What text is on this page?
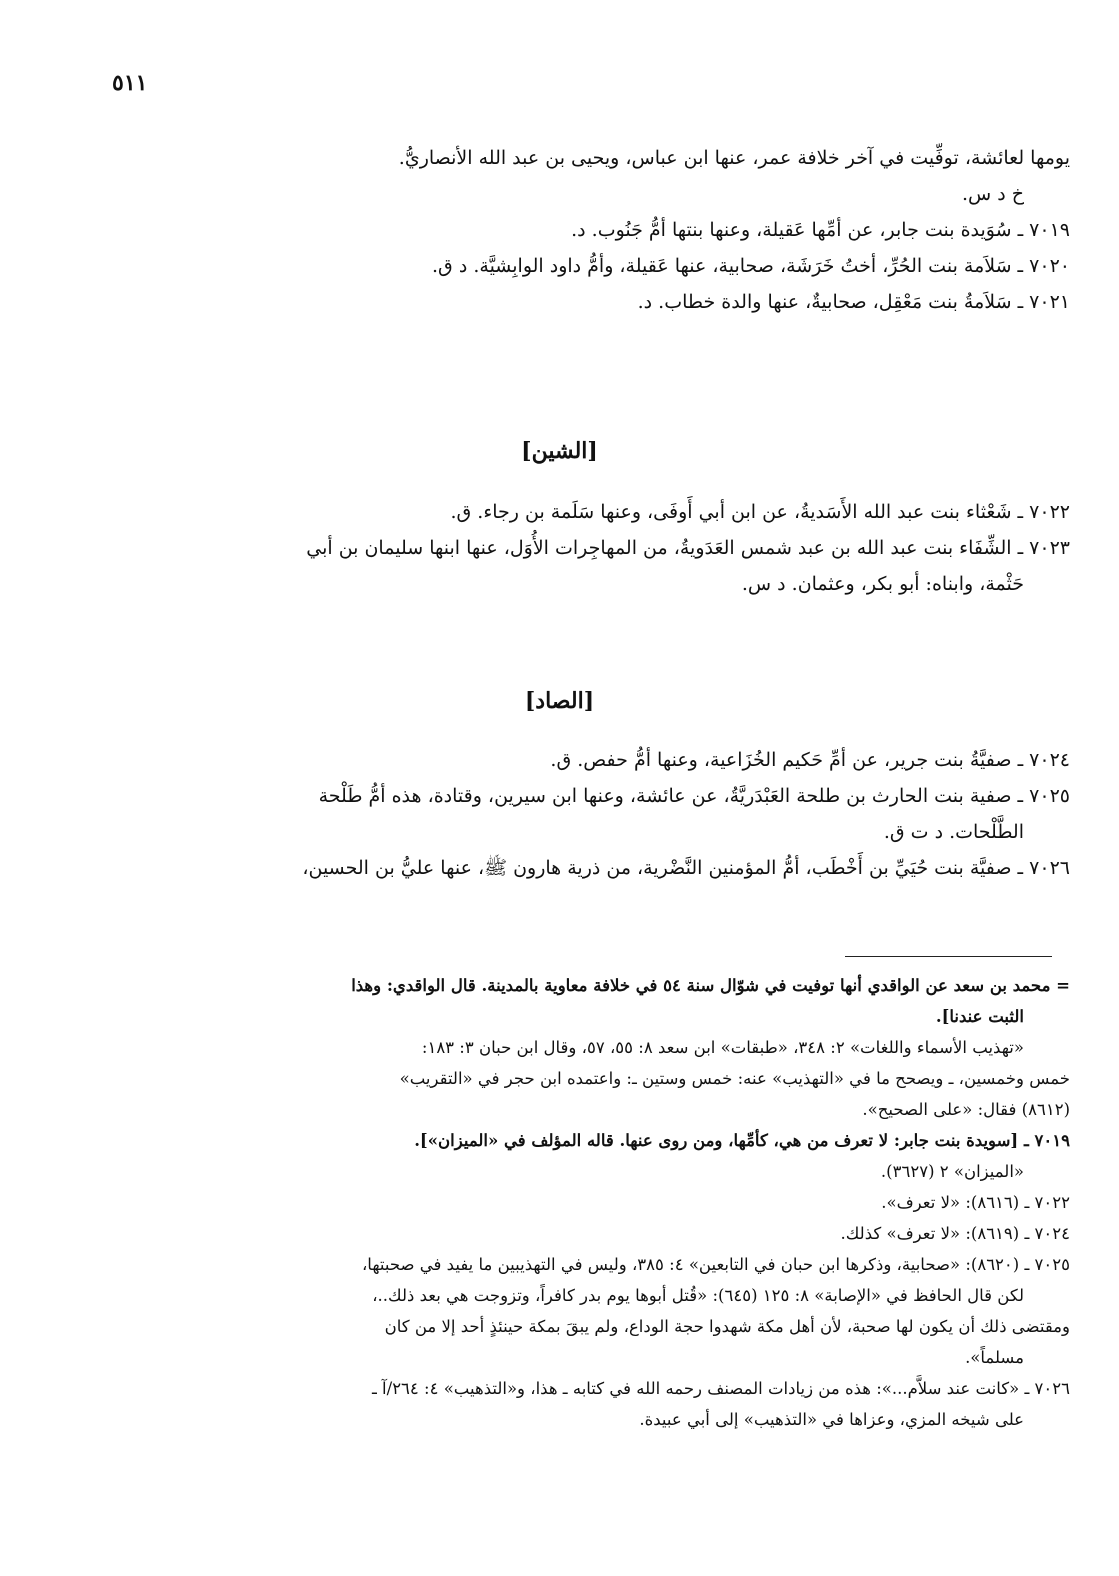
٥١١
يومها لعائشة، توفِّيت في آخر خلافة عمر، عنها ابن عباس، ويحيى بن عبد الله الأنصاريُّ.
خ د س.
٧٠١٩ ـ سُوَيدة بنت جابر، عن أمِّها عَقيلة، وعنها بنتها أمُّ جَنُوب. د.
٧٠٢٠ ـ سَلاَمة بنت الحُرِّ، أختُ خَرَشَة، صحابية، عنها عَقيلة، وأمُّ داود الوابِشيَّة. د ق.
٧٠٢١ ـ سَلاَمةُ بنت مَعْقِل، صحابيةٌ، عنها والدة خطاب. د.
[الشين]
٧٠٢٢ ـ شَعْثاء بنت عبد الله الأَسَديةُ، عن ابن أبي أَوفَى، وعنها سَلَمة بن رجاء. ق.
٧٠٢٣ ـ الشِّفَاء بنت عبد الله بن عبد شمس العَدَويةُ، من المهاجِرات الأُوَل، عنها ابنها سليمان بن أبي
حَثْمة، وابناه: أبو بكر، وعثمان. د س.
[الصاد]
٧٠٢٤ ـ صفيَّةُ بنت جرير، عن أمِّ حَكيم الخُزَاعية، وعنها أمُّ حفص. ق.
٧٠٢٥ ـ صفية بنت الحارث بن طلحة العَبْدَريَّةُ، عن عائشة، وعنها ابن سيرين، وقتادة، هذه أمُّ طَلْحة
الطَّلْحات. د ت ق.
٧٠٢٦ ـ صفيَّة بنت حُيَيِّ بن أَخْطَب، أمُّ المؤمنين النَّضْرية، من ذرية هارون ﷺ، عنها عليُّ بن الحسين،
= محمد بن سعد عن الواقدي أنها توفيت في شوّال سنة ٥٤ في خلافة معاوية بالمدينة. قال الواقدي: وهذا
الثبت عندنا].
«تهذيب الأسماء واللغات» ٢: ٣٤٨، «طبقات» ابن سعد ٨: ٥٥، ٥٧، وقال ابن حبان ٣: ١٨٣:
خمس وخمسين، ـ ويصحح ما في «التهذيب» عنه: خمس وستين ـ: واعتمده ابن حجر في «التقريب»
(٨٦١٢) فقال: «على الصحيح».
٧٠١٩ ـ [سويدة بنت جابر: لا تعرف من هي، كأمِّها، ومن روى عنها. قاله المؤلف في «الميزان»].
«الميزان» ٢ (٣٦٢٧).
٧٠٢٢ ـ (٨٦١٦): «لا تعرف».
٧٠٢٤ ـ (٨٦١٩): «لا تعرف» كذلك.
٧٠٢٥ ـ (٨٦٢٠): «صحابية، وذكرها ابن حبان في التابعين» ٤: ٣٨٥، وليس في التهذيبين ما يفيد في صحبتها،
لكن قال الحافظ في «الإصابة» ٨: ١٢٥ (٦٤٥): «قُتل أبوها يوم بدر كافراً، وتزوجت هي بعد ذلك..،
ومقتضى ذلك أن يكون لها صحبة، لأن أهل مكة شهدوا حجة الوداع، ولم يبقَ بمكة حينئذٍ أحد إلا من كان
مسلماً».
٧٠٢٦ ـ «كانت عند سلاَّم...»: هذه من زيادات المصنف رحمه الله في كتابه ـ هذا، و«التذهيب» ٤: ٢٦٤/آ ـ
على شيخه المزي، وعزاها في «التذهيب» إلى أبي عبيدة.
